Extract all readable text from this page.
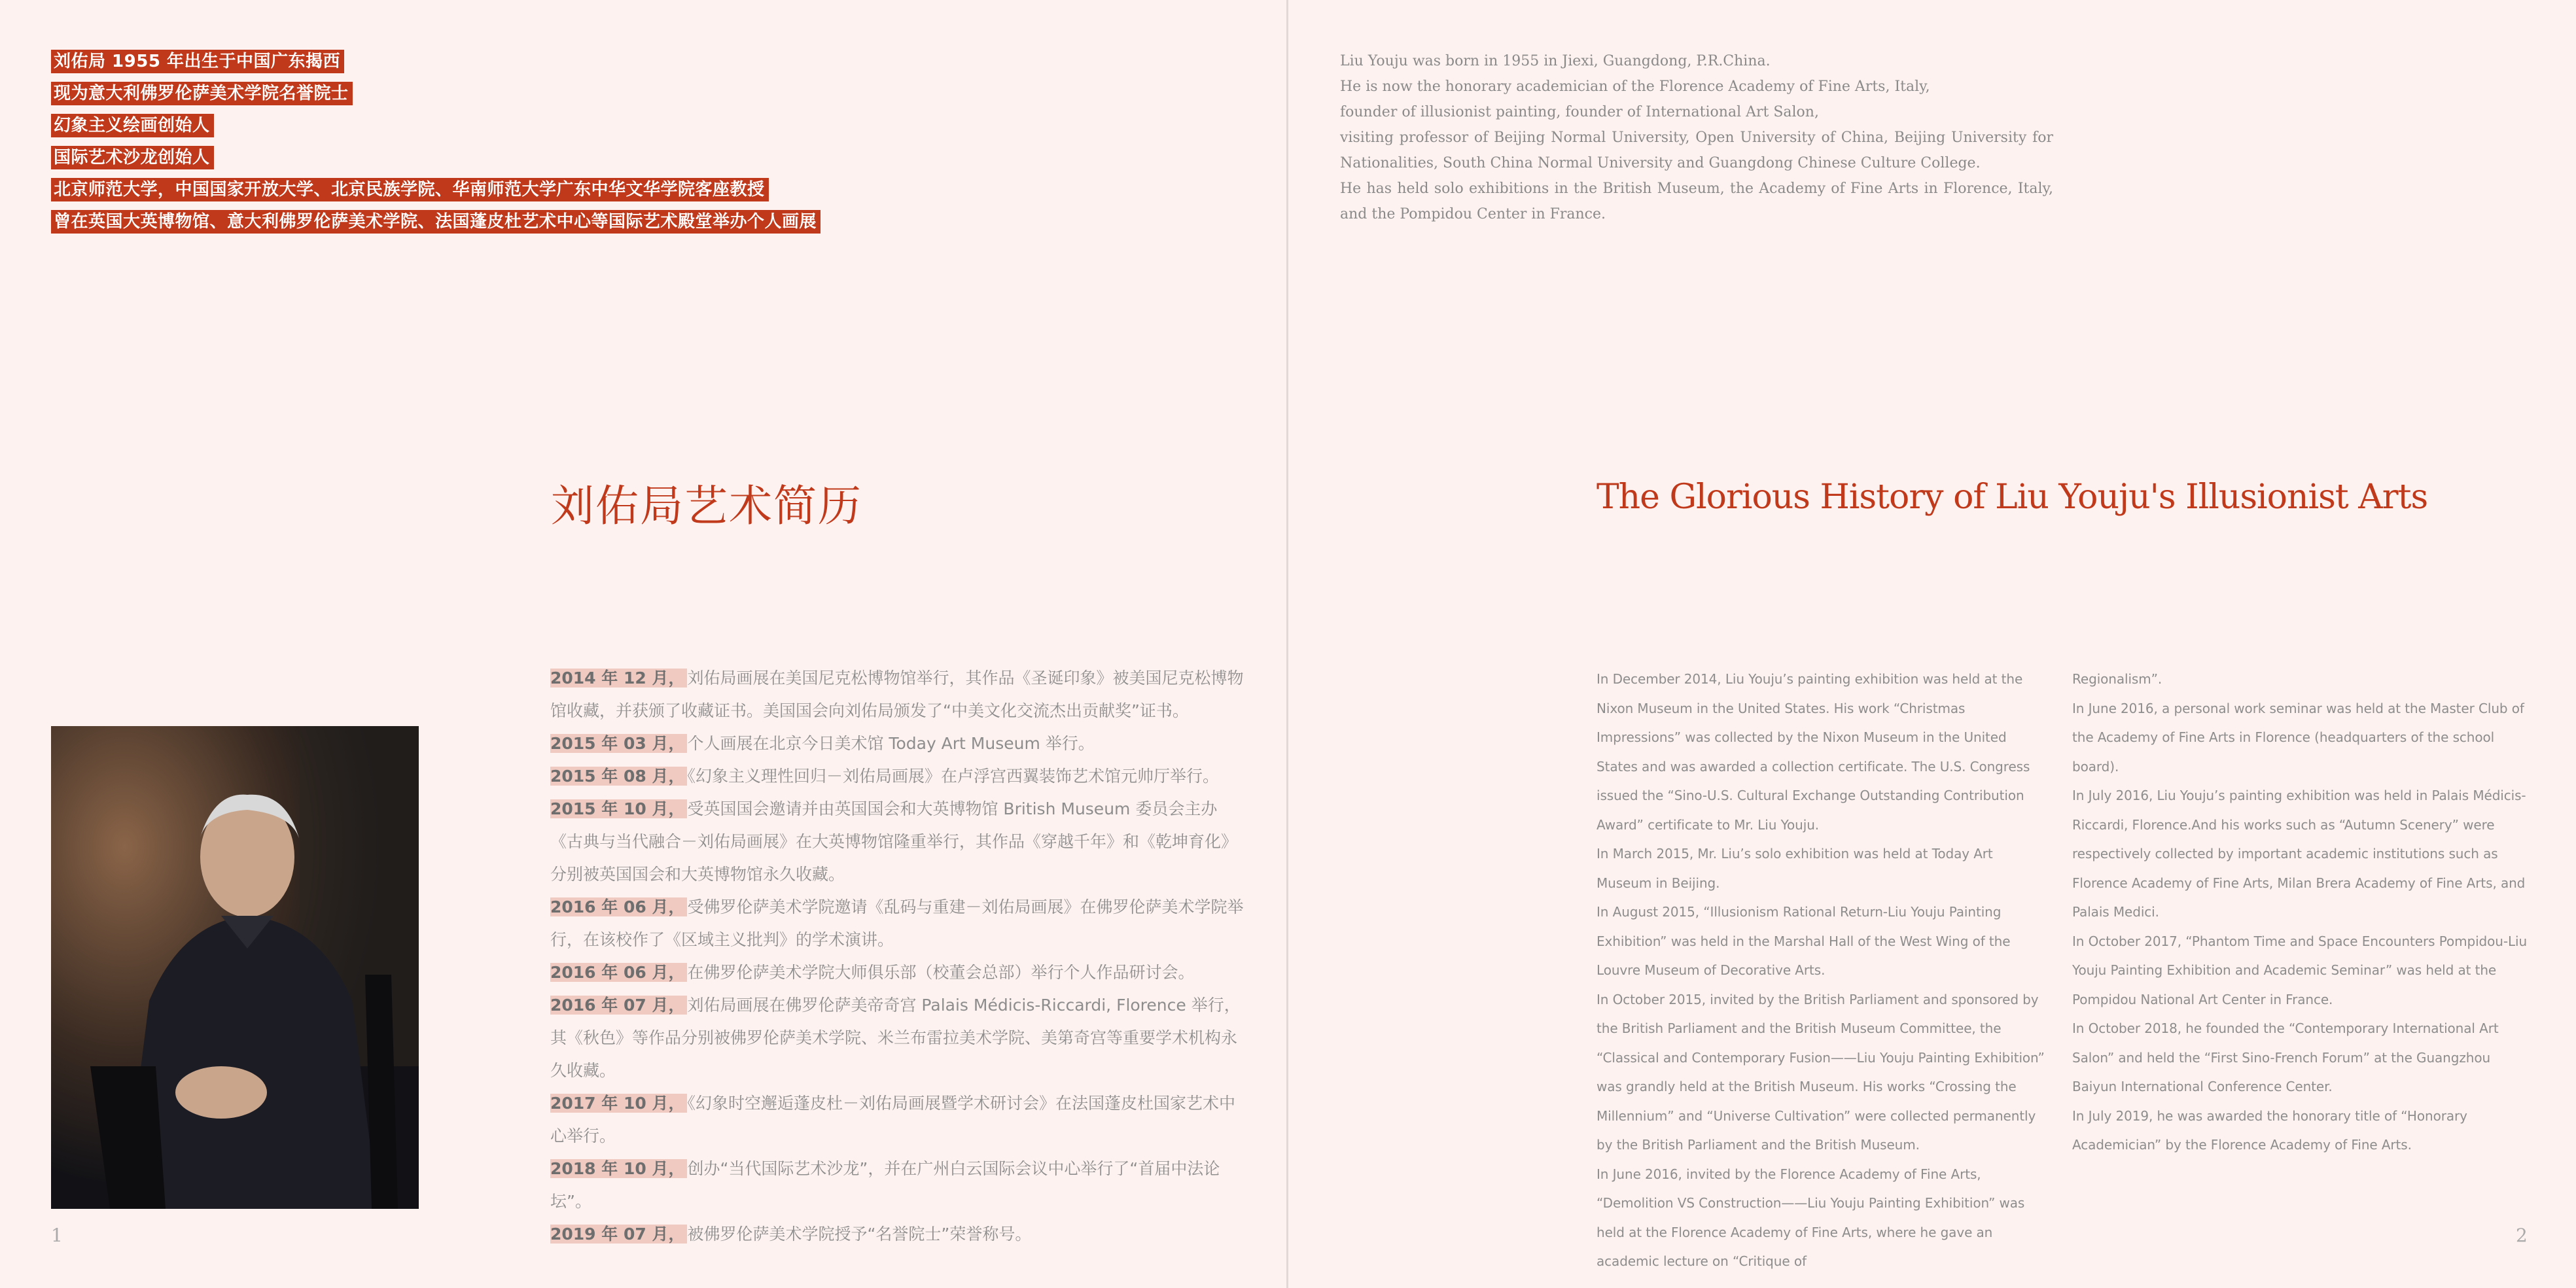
刘佑局 1955 年出生于中国广东揭西
现为意大利佛罗伦萨美术学院名誉院士
幻象主义绘画创始人
国际艺术沙龙创始人
北京师范大学，中国国家开放大学、北京民族学院、华南师范大学广东中华文华学院客座教授
曾在英国大英博物馆、意大利佛罗伦萨美术学院、法国蓬皮杜艺术中心等国际艺术殿堂举办个人画展
刘佑局艺术简历

2014 年 12 月， 刘佑局画展在美国尼克松博物馆举行，其作品《圣诞印象》被美国尼克松博物馆收藏，并获颁了收藏证书。美国国会向刘佑局颁发了“中美文化交流杰出贡献奖”证书。

2015 年 03 月， 个人画展在北京今日美术馆 Today Art Museum 举行。

2015 年 08 月， 《幻象主义理性回归－刘佑局画展》在卢浮宫西翼装饰艺术馆元帅厅举行。

2015 年 10 月， 受英国国会邀请并由英国国会和大英博物馆 British Museum 委员会主办《古典与当代融合－刘佑局画展》在大英博物馆隆重举行，其作品《穿越千年》和《乾坤育化》分别被英国国会和大英博物馆永久收藏。

2016 年 06 月， 受佛罗伦萨美术学院邀请《乱码与重建－刘佑局画展》在佛罗伦萨美术学院举行，在该校作了《区域主义批判》的学术演讲。

2016 年 06 月， 在佛罗伦萨美术学院大师俱乐部（校董会总部）举行个人作品研讨会。

2016 年 07 月， 刘佑局画展在佛罗伦萨美帝奇宫 Palais Médicis-Riccardi, Florence 举行，其《秋色》等作品分别被佛罗伦萨美术学院、米兰布雷拉美术学院、美第奇宫等重要学术机构永久收藏。

2017 年 10 月， 《幻象时空邂逅蓬皮杜－刘佑局画展暨学术研讨会》在法国蓬皮杜国家艺术中心举行。

2018 年 10 月， 创办“当代国际艺术沙龙”，并在广州白云国际会议中心举行了“首届中法论坛”。

2019 年 07 月， 被佛罗伦萨美术学院授予“名誉院士”荣誉称号。

1

Liu Youju was born in 1955 in Jiexi, Guangdong, P.R.China.

He is now the honorary academician of the Florence Academy of Fine Arts, Italy,

founder of illusionist painting, founder of International Art Salon,

visiting professor of Beijing Normal University, Open University of China, Beijing University for Nationalities, South China Normal University and Guangdong Chinese Culture College.

He has held solo exhibitions in the British Museum, the Academy of Fine Arts in Florence, Italy, and the Pompidou Center in France.

The Glorious History of Liu Youju's Illusionist Arts

In December 2014, Liu Youju’s painting exhibition was held at the Nixon Museum in the United States. His work “Christmas Impressions” was collected by the Nixon Museum in the United States and was awarded a collection certificate. The U.S. Congress issued the “Sino-U.S. Cultural Exchange Outstanding Contribution Award” certificate to Mr. Liu Youju.

In March 2015, Mr. Liu’s solo exhibition was held at Today Art Museum in Beijing.

In August 2015, “Illusionism Rational Return-Liu Youju Painting Exhibition” was held in the Marshal Hall of the West Wing of the Louvre Museum of Decorative Arts.

In October 2015, invited by the British Parliament and sponsored by the British Parliament and the British Museum Committee, the “Classical and Contemporary Fusion——Liu Youju Painting Exhibition” was grandly held at the British Museum. His works “Crossing the Millennium” and “Universe Cultivation” were collected permanently by the British Parliament and the British Museum.

In June 2016, invited by the Florence Academy of Fine Arts, “Demolition VS Construction——Liu Youju Painting Exhibition” was held at the Florence Academy of Fine Arts, where he gave an academic lecture on “Critique of

Regionalism”.

In June 2016, a personal work seminar was held at the Master Club of the Academy of Fine Arts in Florence (headquarters of the school board).

In July 2016, Liu Youju’s painting exhibition was held in Palais Médicis-Riccardi, Florence.And his works such as “Autumn Scenery” were respectively collected by important academic institutions such as Florence Academy of Fine Arts, Milan Brera Academy of Fine Arts, and Palais Medici.

In October 2017, “Phantom Time and Space Encounters Pompidou-Liu Youju Painting Exhibition and Academic Seminar” was held at the Pompidou National Art Center in France.

In October 2018, he founded the “Contemporary International Art Salon” and held the “First Sino-French Forum” at the Guangzhou Baiyun International Conference Center.

In July 2019, he was awarded the honorary title of “Honorary Academician” by the Florence Academy of Fine Arts.

2
